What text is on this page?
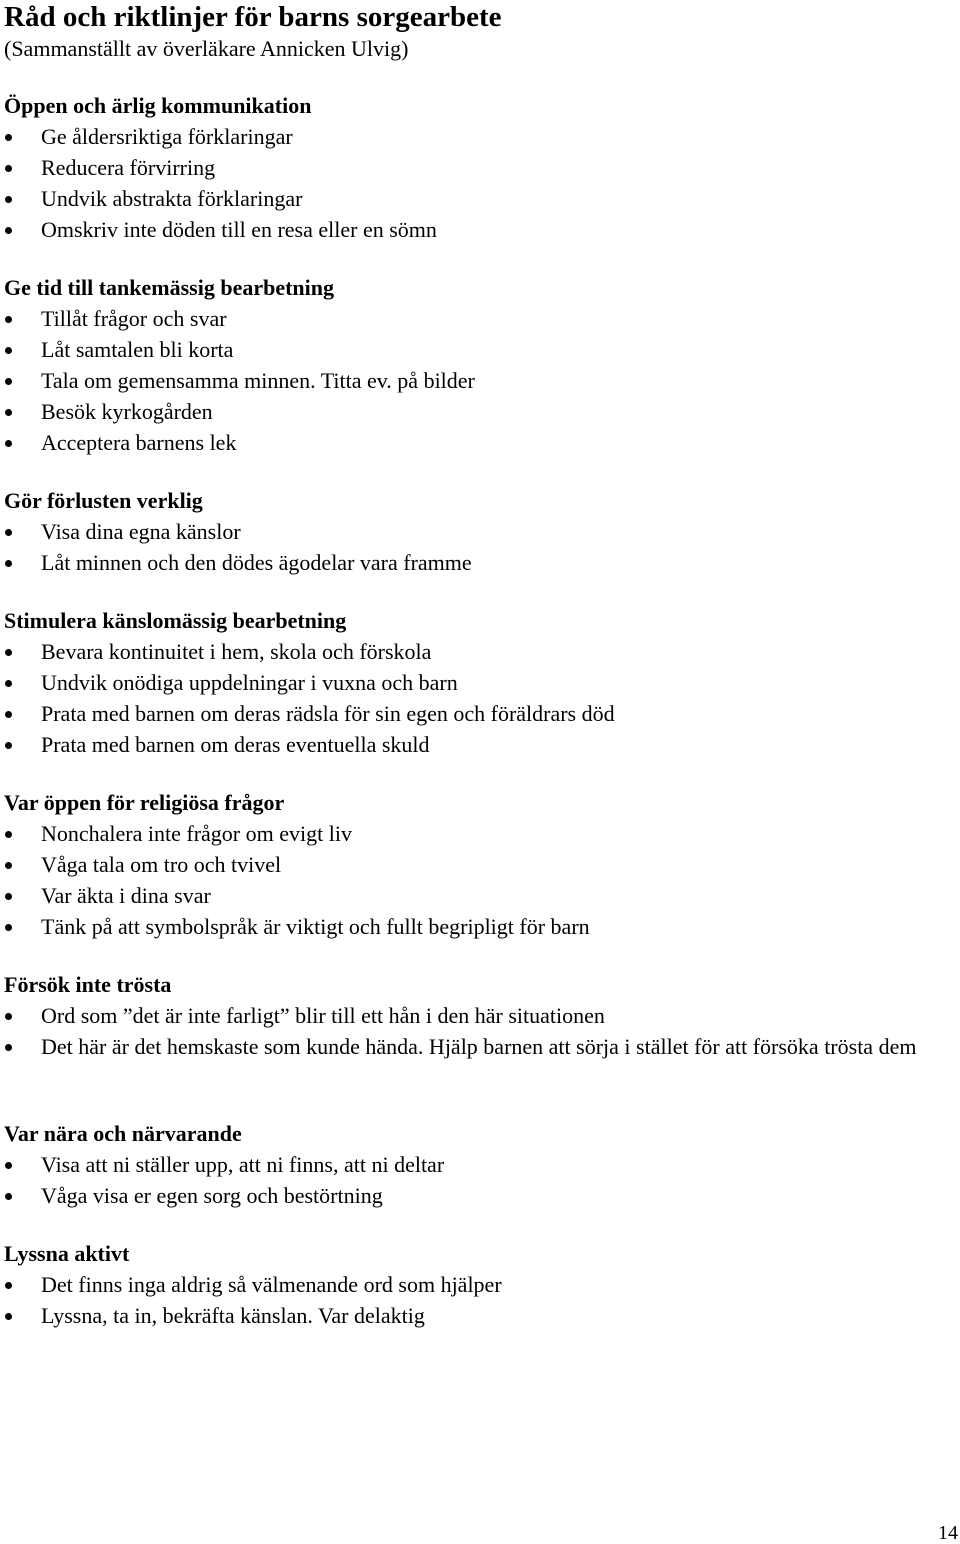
Råd och riktlinjer för barns sorgearbete
(Sammanställt av överläkare Annicken Ulvig)
Öppen och ärlig kommunikation
Ge åldersriktiga förklaringar
Reducera förvirring
Undvik abstrakta förklaringar
Omskriv inte döden till en resa eller en sömn
Ge tid till tankemässig bearbetning
Tillåt frågor och svar
Låt samtalen bli korta
Tala om gemensamma minnen. Titta ev. på bilder
Besök kyrkogården
Acceptera barnens lek
Gör förlusten verklig
Visa dina egna känslor
Låt minnen och den dödes ägodelar vara framme
Stimulera känslomässig bearbetning
Bevara kontinuitet i hem, skola och förskola
Undvik onödiga uppdelningar i vuxna och barn
Prata med barnen om deras rädsla för sin egen och föräldrars död
Prata med barnen om deras eventuella skuld
Var öppen för religiösa frågor
Nonchalera inte frågor om evigt liv
Våga tala om tro och tvivel
Var äkta i dina svar
Tänk på att symbolspråk är viktigt och fullt begripligt för barn
Försök inte trösta
Ord som ”det är inte farligt” blir till ett hån i den här situationen
Det här är det hemskaste som kunde hända. Hjälp barnen att sörja i stället för att försöka trösta dem
Var nära och närvarande
Visa att ni ställer upp, att ni finns, att ni deltar
Våga visa er egen sorg och bestörtning
Lyssna aktivt
Det finns inga aldrig så välmenande ord som hjälper
Lyssna, ta in, bekräfta känslan. Var delaktig
14
